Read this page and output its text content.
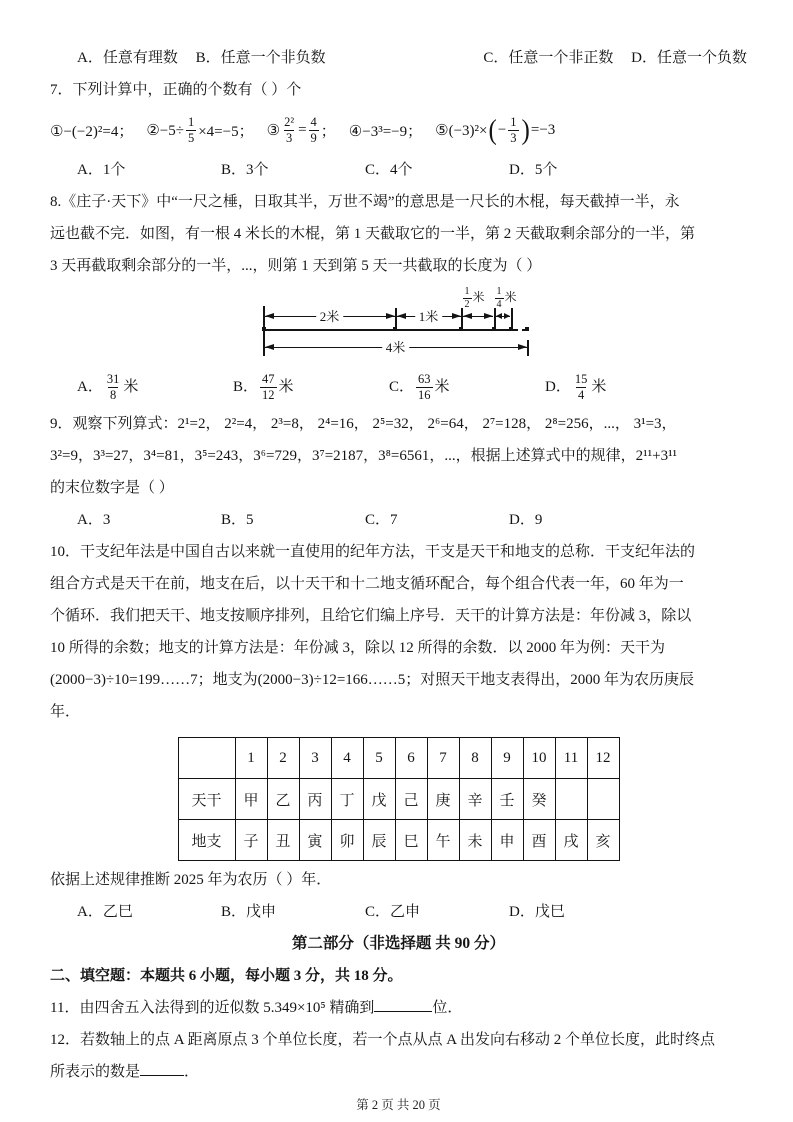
A．任意有理数 B．任意一个非负数	C．任意一个非正数 D．任意一个负数
7．下列计算中，正确的个数有（ ）个
①−(−2)²=4； ②−5÷ $\frac{1}{5} \times 4=-5$； ③ $\frac{\text{2²}}{3} = \frac{4}{9}$ ； ④−3³=−9； ⑤(−3)²× ( − $\frac{1}{3}$ ) =−3
A．1个	B．3个	C．4个	D．5个
8.《庄子·天下》中“一尺之棰，日取其半，万世不竭”的意思是一尺长的木棍，每天截掉一半，永
远也截不完．如图，有一根 4 米长的木棍，第 1 天截取它的一半，第 2 天截取剩余部分的一半，第
3 天再截取剩余部分的一半，...，则第 1 天到第 5 天一共截取的长度为（ ）
$\frac{1}{2}$ 米 $\frac{1}{4}$ 米
2米	1米
4米
A． $\frac{31}{8}$ 米	B． $\frac{47}{12}$ 米	C． $\frac{63}{16}$ 米	D． $\frac{15}{4}$ 米
9．观察下列算式：2¹=2， 2²=4， 2³=8， 2⁴=16， 2⁵=32， 2⁶=64， 2⁷=128， 2⁸=256，...， 3¹=3，
3²=9，3³=27，3⁴=81，3⁵=243，3⁶=729，3⁷=2187，3⁸=6561，...，根据上述算式中的规律，2¹¹+3¹¹
的末位数字是（ ）
A．3	B．5	C．7	D．9
10．干支纪年法是中国自古以来就一直使用的纪年方法，干支是天干和地支的总称．干支纪年法的
组合方式是天干在前，地支在后，以十天干和十二地支循环配合，每个组合代表一年，60 年为一
个循环．我们把天干、地支按顺序排列，且给它们编上序号．天干的计算方法是：年份减 3，除以
10 所得的余数；地支的计算方法是：年份减 3，除以 12 所得的余数．以 2000 年为例：天干为
(2000−3)÷10=199……7；地支为(2000−3)÷12=166……5；对照天干地支表得出，2000 年为农历庚辰
年．
	1	2	3	4	5	6	7	8	9	10	11	12
天干	甲	乙	丙	丁	戊	己	庚	辛	壬	癸		
地支	子	丑	寅	卯	辰	巳	午	未	申	酉	戌	亥
依据上述规律推断 2025 年为农历（ ）年．
A．乙巳	B．戊申	C．乙申	D．戊巳
第二部分（非选择题 共 90 分）
二、填空题：本题共 6 小题，每小题 3 分，共 18 分。
11．由四舍五入法得到的近似数 5.349×10⁵ 精确到	位．
12．若数轴上的点 A 距离原点 3 个单位长度，若一个点从点 A 出发向右移动 2 个单位长度，此时终点
所表示的数是	．
第 2 页 共 20 页
